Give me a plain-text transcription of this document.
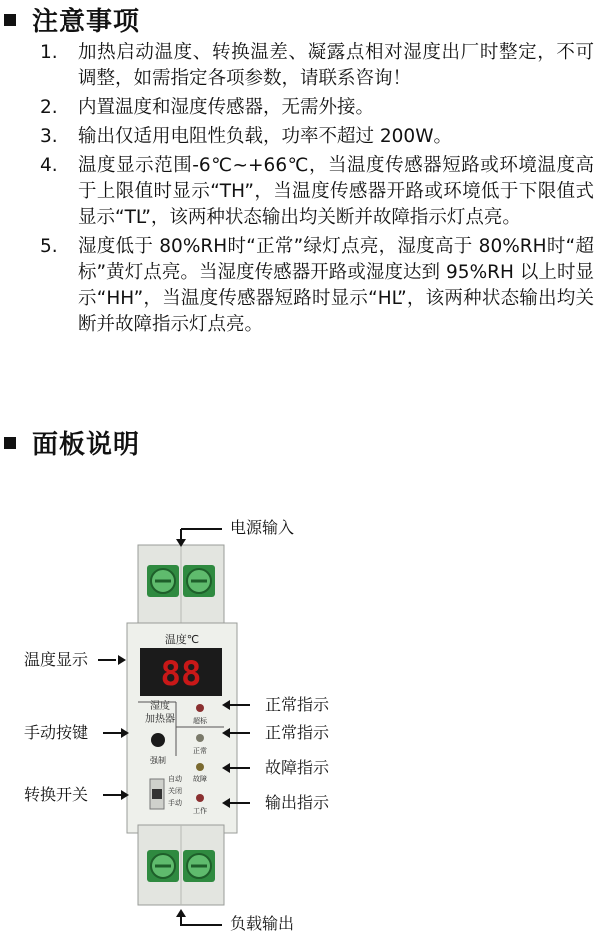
注意事项
1. 加热启动温度、转换温差、凝露点相对湿度出厂时整定，不可调整，如需指定各项参数，请联系咨询！
2. 内置温度和湿度传感器，无需外接。
3. 输出仅适用电阻性负载，功率不超过 200W。
4. 温度显示范围-6℃~+66℃，当温度传感器短路或环境温度高于上限值时显示“TH”，当温度传感器开路或环境低于下限值式显示“TL”，该两种状态输出均关断并故障指示灯点亮。
5. 湿度低于 80%RH时“正常”绿灯点亮，湿度高于 80%RH时“超标”黄灯点亮。当湿度传感器开路或湿度达到 95%RH 以上时显示“HH”，当温度传感器短路时显示“HL”，该两种状态输出均关断并故障指示灯点亮。
面板说明
温度℃
88
湿度
加热器
强制
自动
关闭
手动
超标
正常
故障
工作
电源输入
温度显示
手动按键
转换开关
正常指示
正常指示
故障指示
输出指示
负载输出
